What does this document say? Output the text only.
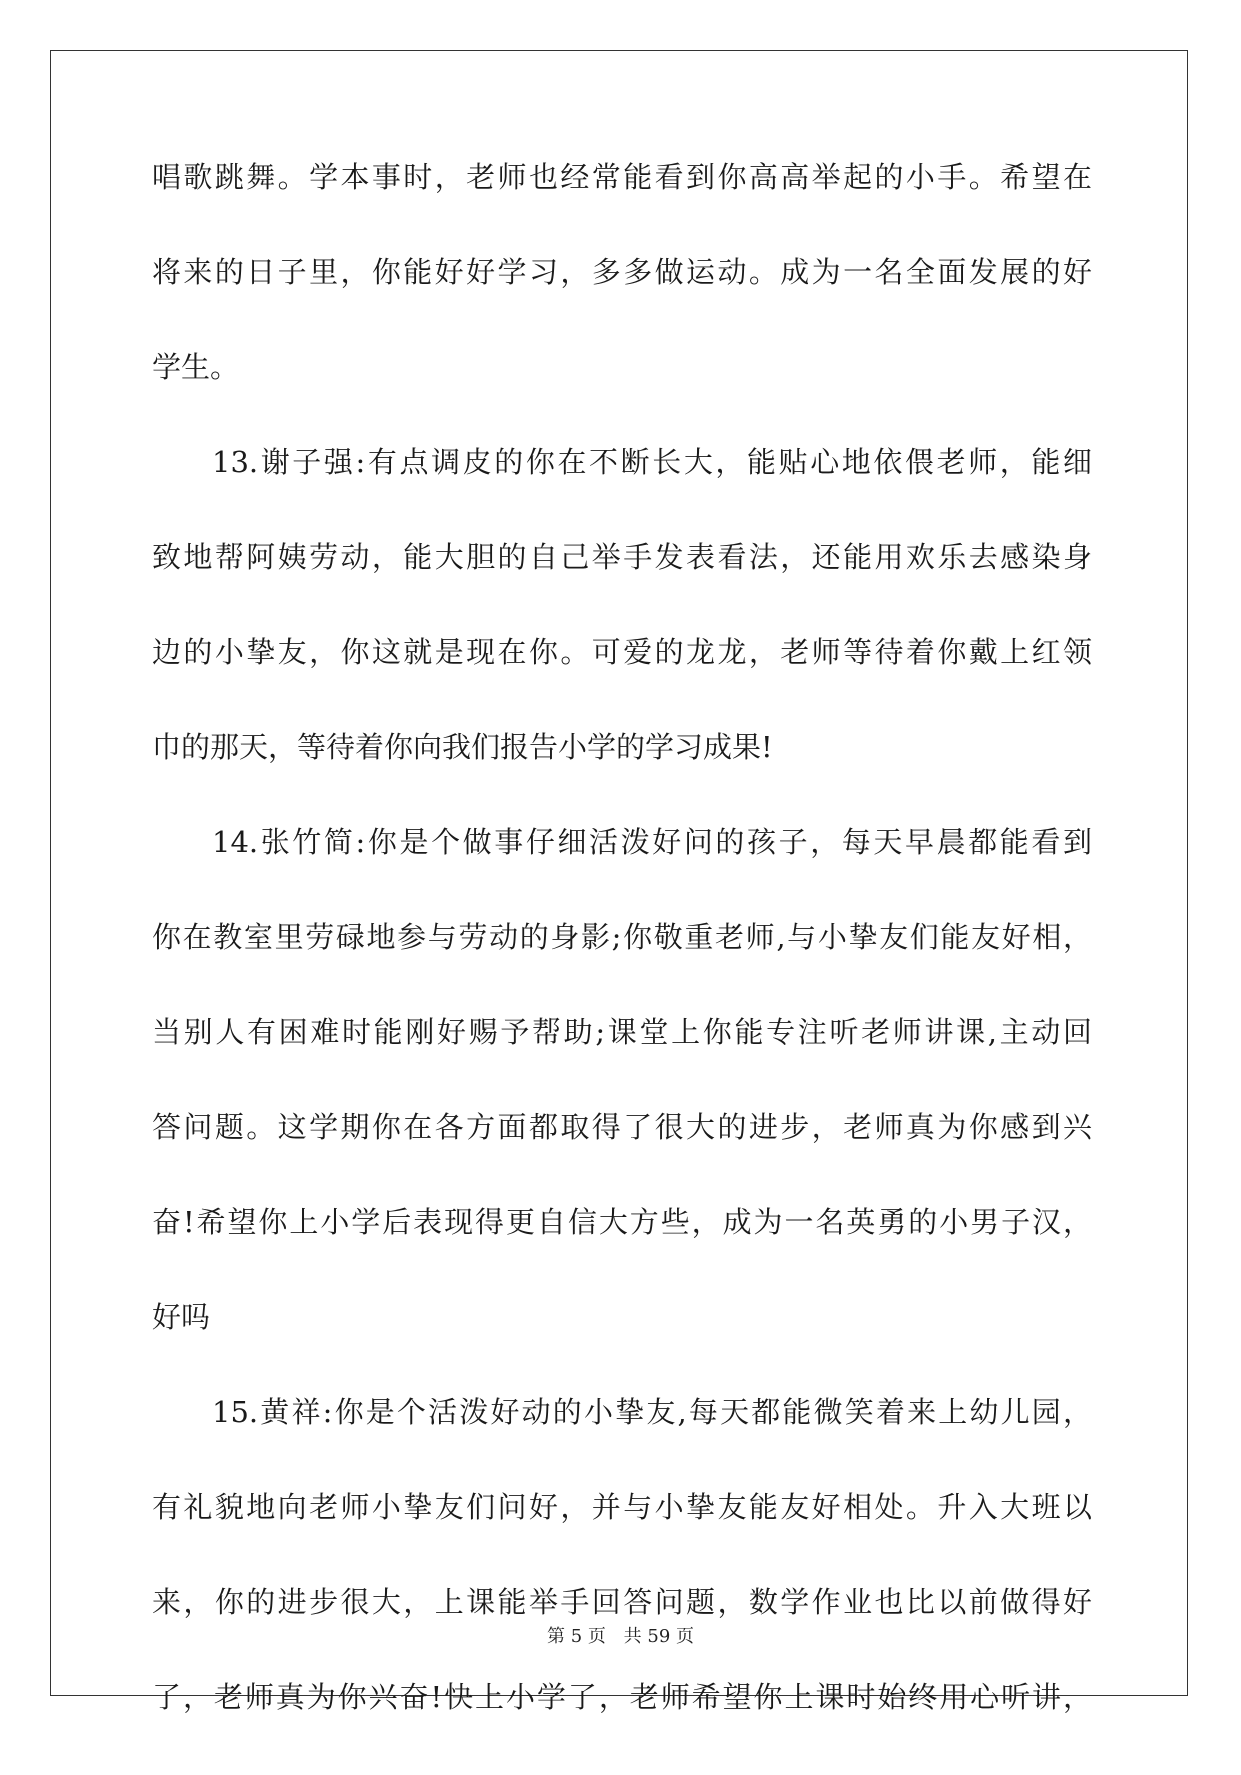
唱歌跳舞。学本事时，老师也经常能看到你高高举起的小手。希望在
将来的日子里，你能好好学习，多多做运动。成为一名全面发展的好
学生。
13.谢子强:有点调皮的你在不断长大，能贴心地依偎老师，能细
致地帮阿姨劳动，能大胆的自己举手发表看法，还能用欢乐去感染身
边的小挚友，你这就是现在你。可爱的龙龙，老师等待着你戴上红领
巾的那天，等待着你向我们报告小学的学习成果!
14.张竹简:你是个做事仔细活泼好问的孩子，每天早晨都能看到
你在教室里劳碌地参与劳动的身影;你敬重老师,与小挚友们能友好相，
当别人有困难时能刚好赐予帮助;课堂上你能专注听老师讲课,主动回
答问题。这学期你在各方面都取得了很大的进步，老师真为你感到兴
奋!希望你上小学后表现得更自信大方些，成为一名英勇的小男子汉，
好吗
15.黄祥:你是个活泼好动的小挚友,每天都能微笑着来上幼儿园，
有礼貌地向老师小挚友们问好，并与小挚友能友好相处。升入大班以
来，你的进步很大，上课能举手回答问题，数学作业也比以前做得好
了，老师真为你兴奋!快上小学了，老师希望你上课时始终用心听讲，
第 5 页 共 59 页
